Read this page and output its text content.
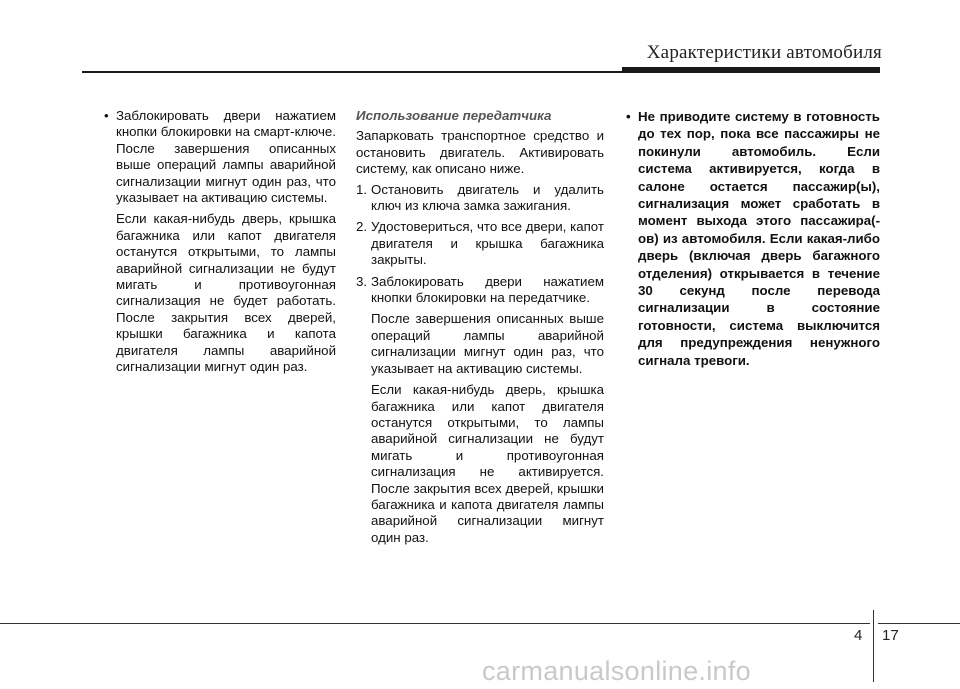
Характеристики автомобиля
• Заблокировать двери нажатием кнопки блокировки на смарт-ключе. После завершения описанных выше операций лампы аварийной сигнализации мигнут один раз, что указывает на активацию системы.
Если какая-нибудь дверь, крышка багажника или капот двигателя останутся открытыми, то лампы аварийной сигнализации не будут мигать и противоугонная сигнализация не будет работать. После закрытия всех дверей, крышки багажника и капота двигателя лампы аварийной сигнализации мигнут один раз.
Использование передатчика
Запарковать транспортное средство и остановить двигатель. Активировать систему, как описано ниже.
1. Остановить двигатель и удалить ключ из ключа замка зажигания.
2. Удостовериться, что все двери, капот двигателя и крышка багажника закрыты.
3. Заблокировать двери нажатием кнопки блокировки на передатчике.
После завершения описанных выше операций лампы аварийной сигнализации мигнут один раз, что указывает на активацию системы.
Если какая-нибудь дверь, крышка багажника или капот двигателя останутся открытыми, то лампы аварийной сигнализации не будут мигать и противоугонная сигнализация не активируется. После закрытия всех дверей, крышки багажника и капота двигателя лампы аварийной сигнализации мигнут один раз.
• Не приводите систему в готовность до тех пор, пока все пассажиры не покинули автомобиль. Если система активируется, когда в салоне остается пассажир(ы), сигнализация может сработать в момент выхода этого пассажира(-ов) из автомобиля. Если какая-либо дверь (включая дверь багажного отделения) открывается в течение 30 секунд после перевода сигнализации в состояние готовности, система выключится для предупреждения ненужного сигнала тревоги.
4 17
carmanualsonline.info
